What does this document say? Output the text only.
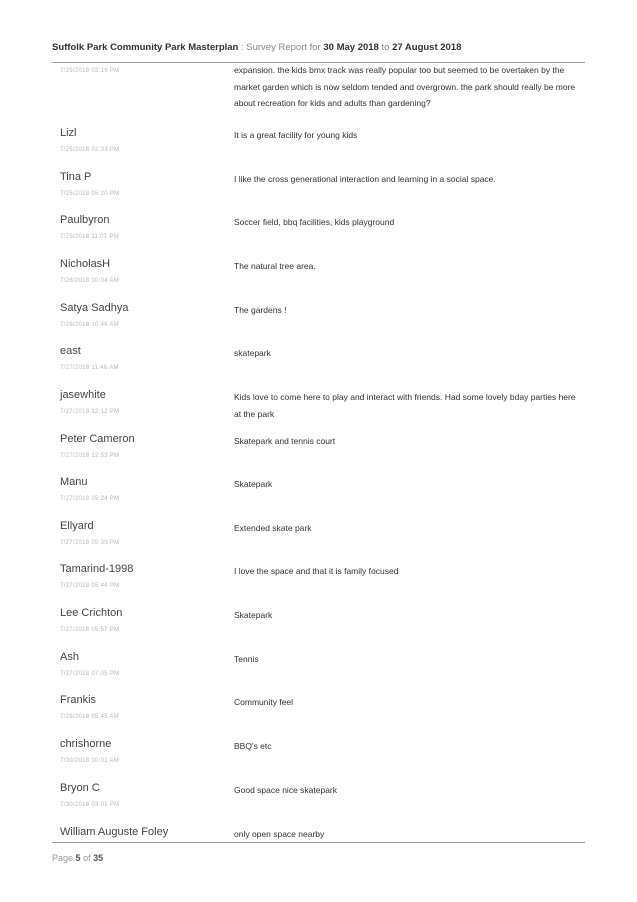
Suffolk Park Community Park Masterplan : Survey Report for 30 May 2018 to 27 August 2018
7/25/2018 02:16 PM	expansion. the kids bmx track was really popular too but seemed to be overtaken by the market garden which is now seldom tended and overgrown. the park should really be more about recreation for kids and adults than gardening?
Lizl
7/25/2018 02:33 PM
It is a great facility for young kids
Tina P
7/25/2018 05:20 PM
I like the cross generational interaction and learning in a social space.
Paulbyron
7/25/2018 11:07 PM
Soccer field, bbq facilities, kids playground
NicholasH
7/26/2018 10:04 AM
The natural tree area.
Satya Sadhya
7/26/2018 10:46 AM
The gardens !
east
7/27/2018 11:46 AM
skatepark
jasewhite
7/27/2018 12:12 PM
Kids love to come here to play and interact with friends. Had some lovely bday parties here at the park
Peter Cameron
7/27/2018 12:53 PM
Skatepark and tennis court
Manu
7/27/2018 05:24 PM
Skatepark
Ellyard
7/27/2018 05:30 PM
Extended skate park
Tamarind-1998
7/27/2018 05:44 PM
I love the space and that it is family focused
Lee Crichton
7/27/2018 05:57 PM
Skatepark
Ash
7/27/2018 07:05 PM
Tennis
Frankis
7/28/2018 05:45 AM
Community feel
chrishorne
7/30/2018 10:01 AM
BBQ's etc
Bryon C
7/30/2018 03:01 PM
Good space nice skatepark
William Auguste Foley	only open space nearby
Page 5 of 35
